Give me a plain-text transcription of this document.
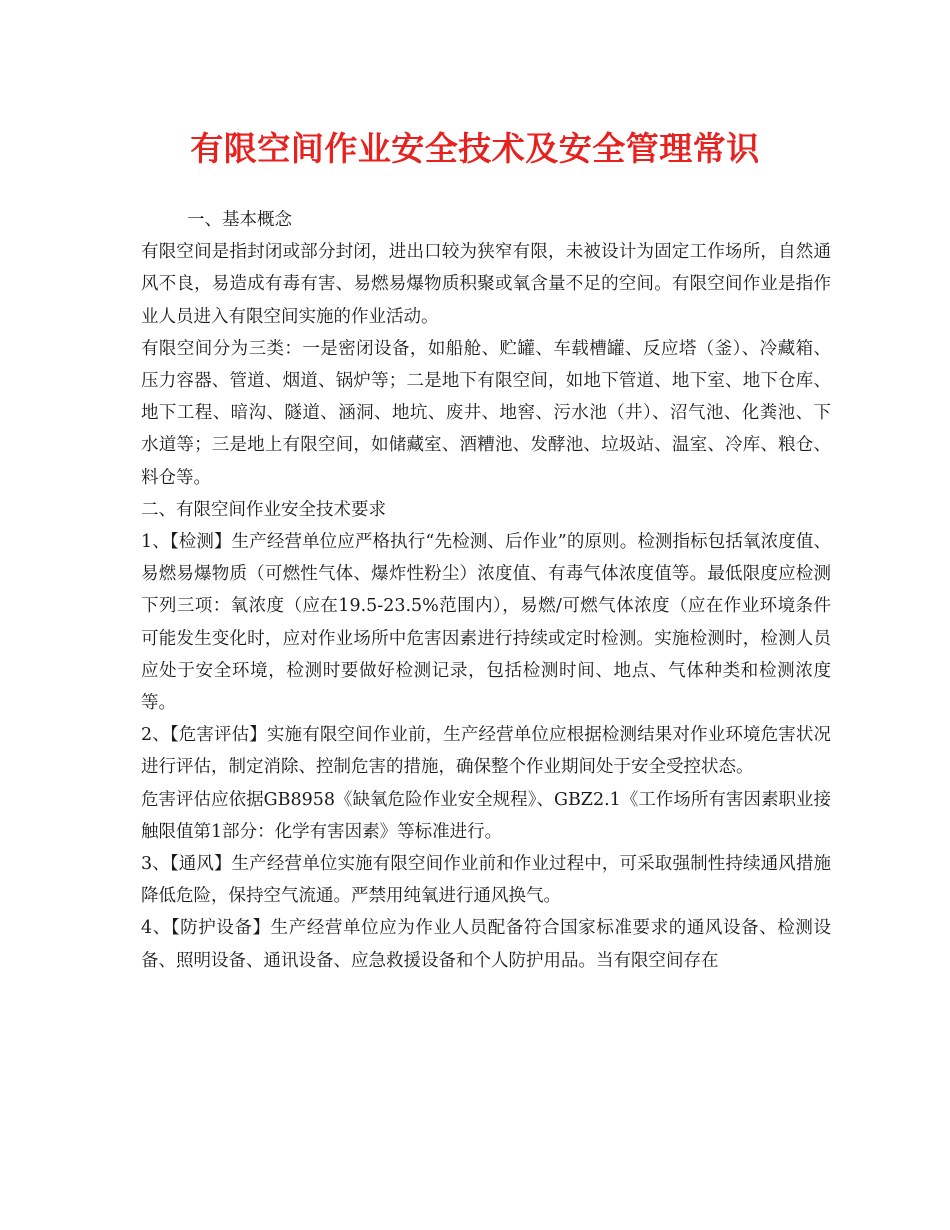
有限空间作业安全技术及安全管理常识

一、基本概念

有限空间是指封闭或部分封闭，进出口较为狭窄有限，未被设计为固定工作场所，自然通风不良，易造成有毒有害、易燃易爆物质积聚或氧含量不足的空间。有限空间作业是指作业人员进入有限空间实施的作业活动。

有限空间分为三类：一是密闭设备，如船舱、贮罐、车载槽罐、反应塔（釜）、冷藏箱、压力容器、管道、烟道、锅炉等；二是地下有限空间，如地下管道、地下室、地下仓库、地下工程、暗沟、隧道、涵洞、地坑、废井、地窖、污水池（井）、沼气池、化粪池、下水道等；三是地上有限空间，如储藏室、酒糟池、发酵池、垃圾站、温室、冷库、粮仓、料仓等。

二、有限空间作业安全技术要求

1、【检测】生产经营单位应严格执行“先检测、后作业”的原则。检测指标包括氧浓度值、易燃易爆物质（可燃性气体、爆炸性粉尘）浓度值、有毒气体浓度值等。最低限度应检测下列三项：氧浓度（应在19.5-23.5%范围内），易燃/可燃气体浓度（应在作业环境条件可能发生变化时，应对作业场所中危害因素进行持续或定时检测。实施检测时，检测人员应处于安全环境，检测时要做好检测记录，包括检测时间、地点、气体种类和检测浓度等。

2、【危害评估】实施有限空间作业前，生产经营单位应根据检测结果对作业环境危害状况进行评估，制定消除、控制危害的措施，确保整个作业期间处于安全受控状态。

危害评估应依据GB8958《缺氧危险作业安全规程》、GBZ2.1《工作场所有害因素职业接触限值第1部分：化学有害因素》等标准进行。

3、【通风】生产经营单位实施有限空间作业前和作业过程中，可采取强制性持续通风措施降低危险，保持空气流通。严禁用纯氧进行通风换气。

4、【防护设备】生产经营单位应为作业人员配备符合国家标准要求的通风设备、检测设备、照明设备、通讯设备、应急救援设备和个人防护用品。当有限空间存在
